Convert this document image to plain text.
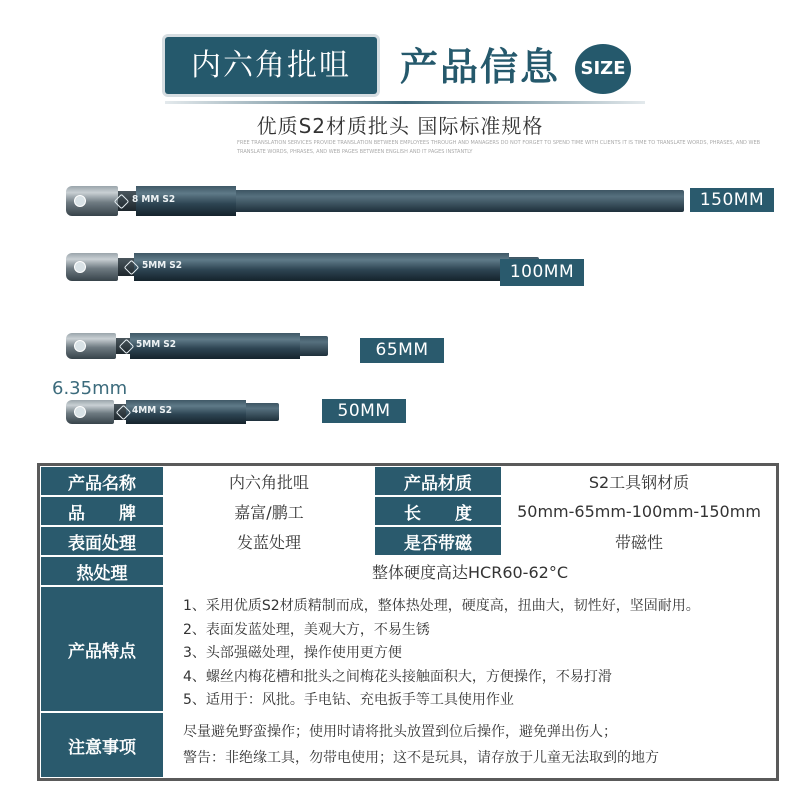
内六角批咀	产品信息	SIZE
优质S2材质批头 国际标准规格
FREE TRANSLATION SERVICES PROVIDE TRANSLATION BETWEEN EMPLOYEES THROUGH AND MANAGERS DO NOT FORGET TO SPEND TIME WITH CLIENTS IT IS TIME TO TRANSLATE WORDS, PHRASES, AND WEB
TRANSLATE WORDS, PHRASES, AND WEB PAGES BETWEEN ENGLISH AND IT PAGES INSTANTLY
8 MM S2	150MM
5MM S2	100MM
5MM S2	65MM
6.35mm
4MM S2	50MM
产品名称	内六角批咀	产品材质	S2工具钢材质
品　　牌	嘉富/鹏工	长　　度	50mm-65mm-100mm-150mm
表面处理	发蓝处理	是否带磁	带磁性
热处理	整体硬度高达HCR60-62°C
产品特点
1、采用优质S2材质精制而成，整体热处理，硬度高，扭曲大，韧性好，坚固耐用。
2、表面发蓝处理，美观大方，不易生锈
3、头部强磁处理，操作使用更方便
4、螺丝内梅花槽和批头之间梅花头接触面积大，方便操作，不易打滑
5、适用于：风批。手电钻、充电扳手等工具使用作业
注意事项
尽量避免野蛮操作；使用时请将批头放置到位后操作，避免弹出伤人；
警告：非绝缘工具，勿带电使用；这不是玩具，请存放于儿童无法取到的地方
